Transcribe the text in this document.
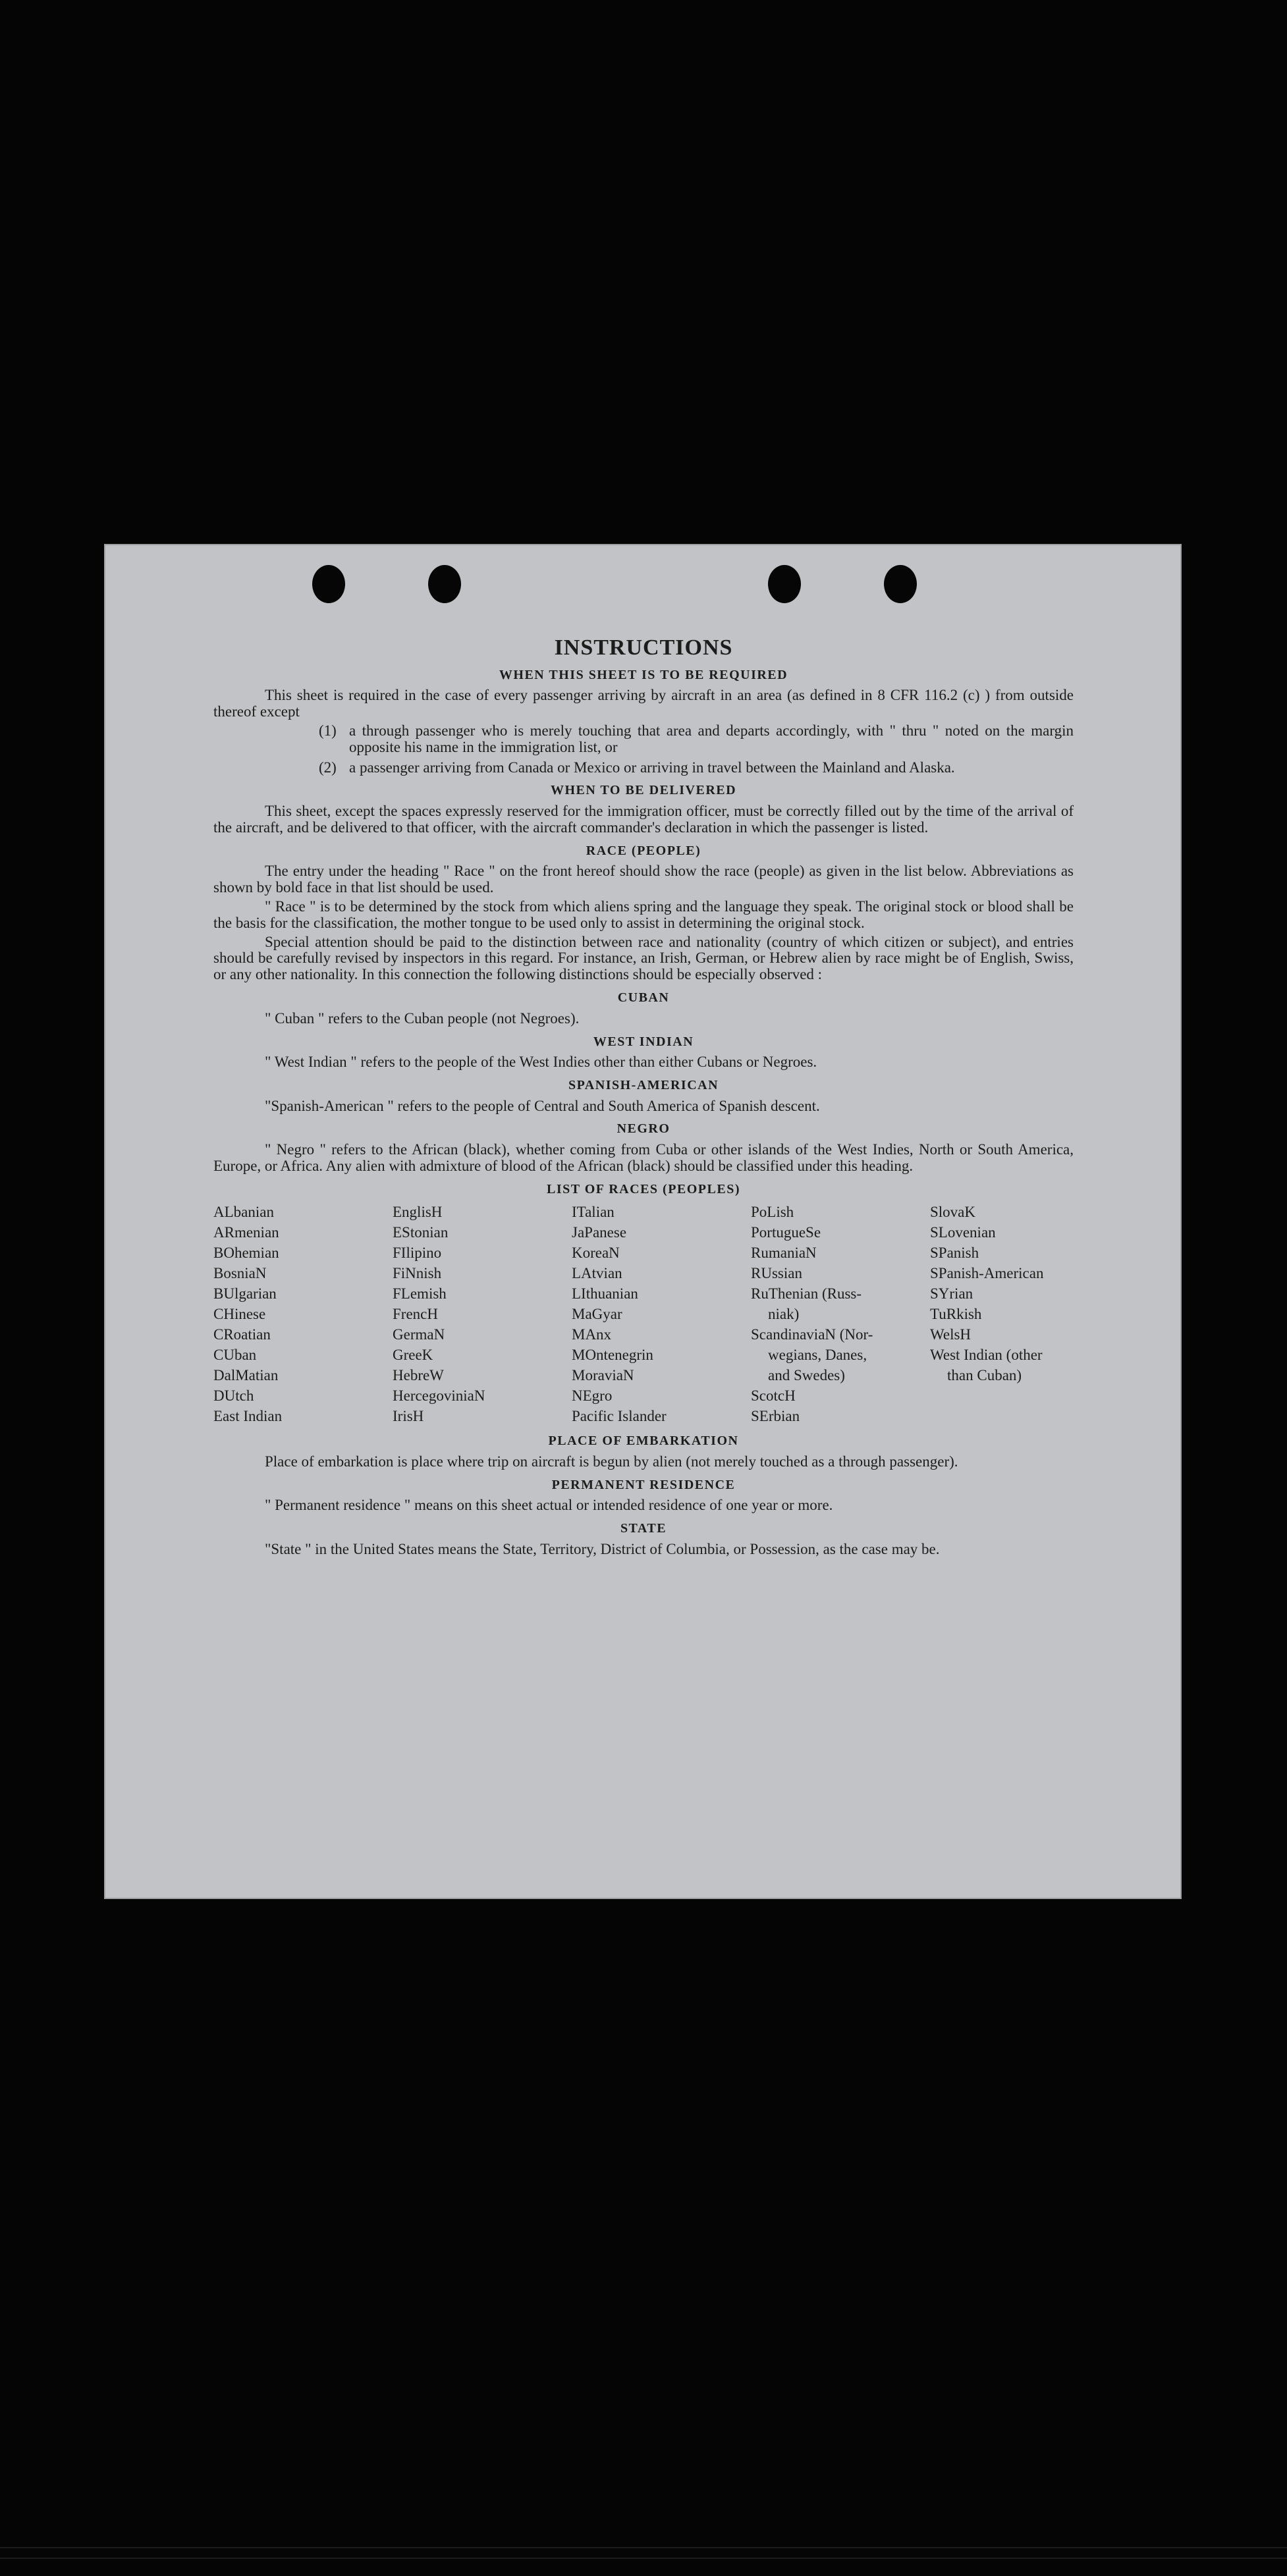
INSTRUCTIONS
WHEN THIS SHEET IS TO BE REQUIRED

This sheet is required in the case of every passenger arriving by aircraft in an area (as defined in 8 CFR 116.2 (c) ) from outside thereof except

(1) a through passenger who is merely touching that area and departs accordingly, with " thru " noted on the margin opposite his name in the immigration list, or
(2) a passenger arriving from Canada or Mexico or arriving in travel between the Mainland and Alaska.
WHEN TO BE DELIVERED

This sheet, except the spaces expressly reserved for the immigration officer, must be correctly filled out by the time of the arrival of the aircraft, and be delivered to that officer, with the aircraft commander's declaration in which the passenger is listed.

RACE (PEOPLE)

The entry under the heading " Race " on the front hereof should show the race (people) as given in the list below. Abbreviations as shown by bold face in that list should be used.

" Race " is to be determined by the stock from which aliens spring and the language they speak. The original stock or blood shall be the basis for the classification, the mother tongue to be used only to assist in determining the original stock.

Special attention should be paid to the distinction between race and nationality (country of which citizen or subject), and entries should be carefully revised by inspectors in this regard. For instance, an Irish, German, or Hebrew alien by race might be of English, Swiss, or any other nationality. In this connection the following distinctions should be especially observed :

CUBAN

" Cuban " refers to the Cuban people (not Negroes).

WEST INDIAN

" West Indian " refers to the people of the West Indies other than either Cubans or Negroes.

SPANISH-AMERICAN

"Spanish-American " refers to the people of Central and South America of Spanish descent.

NEGRO

" Negro " refers to the African (black), whether coming from Cuba or other islands of the West Indies, North or South America, Europe, or Africa. Any alien with admixture of blood of the African (black) should be classified under this heading.

LIST OF RACES (PEOPLES)
ALbanian
ARmenian
BOhemian
BosniaN
BUlgarian
CHinese
CRoatian
CUban
DalMatian
DUtch
East Indian
EnglisH
EStonian
FIlipino
FiNnish
FLemish
FrencH
GermaN
GreeK
HebreW
HercegoviniaN
IrisH
ITalian
JaPanese
KoreaN
LAtvian
LIthuanian
MaGyar
MAnx
MOntenegrin
MoraviaN
NEgro
Pacific Islander
PoLish
PortugueSe
RumaniaN
RUssian
RuThenian (Russ-
niak)
ScandinaviaN (Nor-
wegians, Danes,
and Swedes)
ScotcH
SErbian
SlovaK
SLovenian
SPanish
SPanish-American
SYrian
TuRkish
WelsH
West Indian (other
than Cuban)
PLACE OF EMBARKATION

Place of embarkation is place where trip on aircraft is begun by alien (not merely touched as a through passenger).

PERMANENT RESIDENCE

" Permanent residence " means on this sheet actual or intended residence of one year or more.

STATE

"State " in the United States means the State, Territory, District of Columbia, or Possession, as the case may be.
